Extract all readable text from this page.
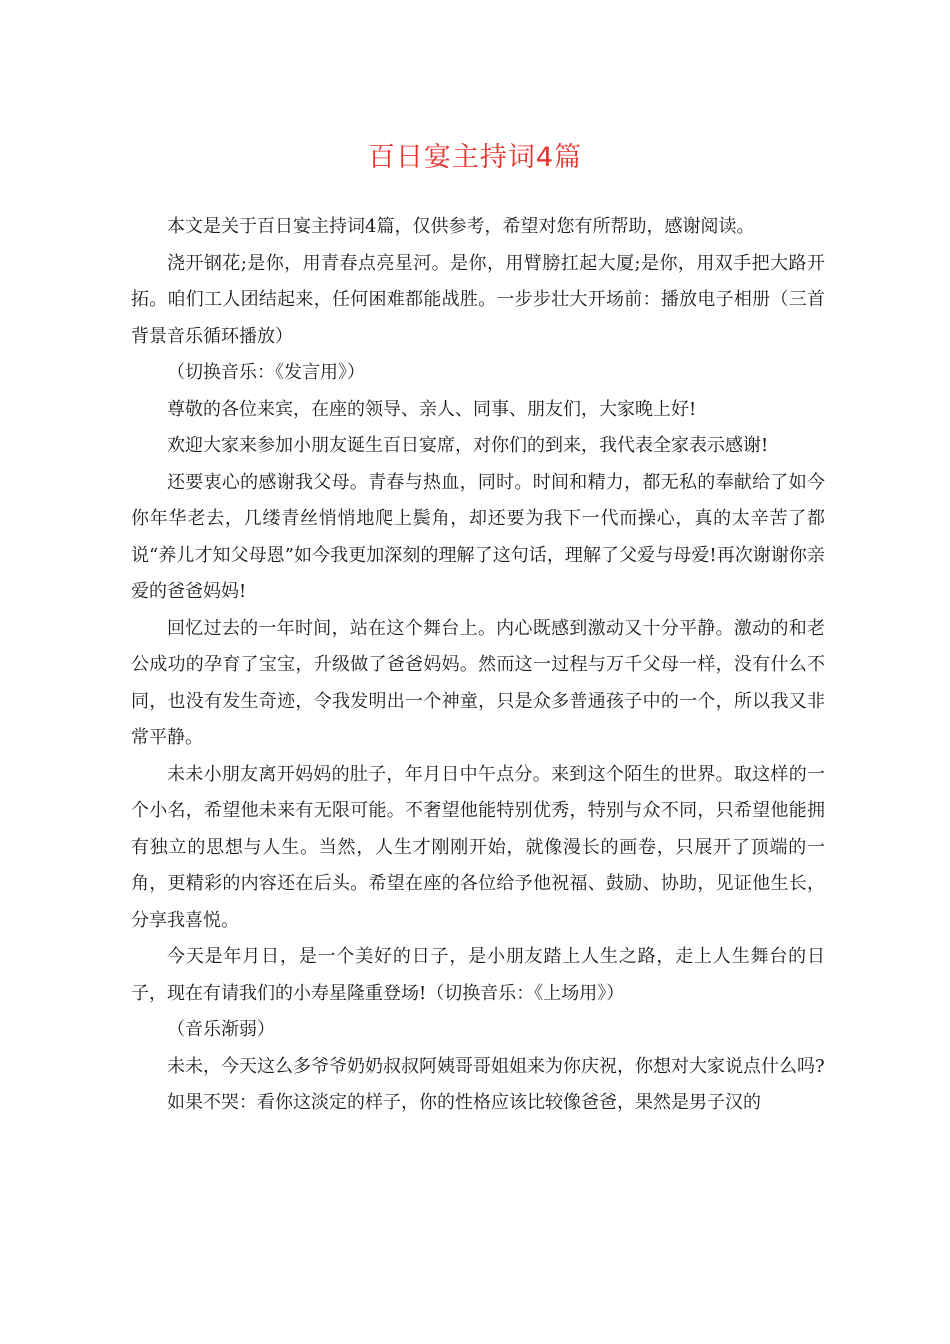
百日宴主持词4篇

本文是关于百日宴主持词4篇，仅供参考，希望对您有所帮助，感谢阅读。

浇开钢花;是你，用青春点亮星河。是你，用臂膀扛起大厦;是你，用双手把大路开拓。咱们工人团结起来，任何困难都能战胜。一步步壮大开场前：播放电子相册（三首背景音乐循环播放）

（切换音乐：《发言用》）

尊敬的各位来宾，在座的领导、亲人、同事、朋友们，大家晚上好!

欢迎大家来参加小朋友诞生百日宴席，对你们的到来，我代表全家表示感谢!

还要衷心的感谢我父母。青春与热血，同时。时间和精力，都无私的奉献给了如今你年华老去，几缕青丝悄悄地爬上鬓角，却还要为我下一代而操心，真的太辛苦了都说“养儿才知父母恩”如今我更加深刻的理解了这句话，理解了父爱与母爱!再次谢谢你亲爱的爸爸妈妈!

回忆过去的一年时间，站在这个舞台上。内心既感到激动又十分平静。激动的和老公成功的孕育了宝宝，升级做了爸爸妈妈。然而这一过程与万千父母一样，没有什么不同，也没有发生奇迹，令我发明出一个神童，只是众多普通孩子中的一个，所以我又非常平静。

未未小朋友离开妈妈的肚子，年月日中午点分。来到这个陌生的世界。取这样的一个小名，希望他未来有无限可能。不奢望他能特别优秀，特别与众不同，只希望他能拥有独立的思想与人生。当然，人生才刚刚开始，就像漫长的画卷，只展开了顶端的一角，更精彩的内容还在后头。希望在座的各位给予他祝福、鼓励、协助，见证他生长，分享我喜悦。

今天是年月日，是一个美好的日子，是小朋友踏上人生之路，走上人生舞台的日子，现在有请我们的小寿星隆重登场!（切换音乐：《上场用》）

（音乐渐弱）

未未，今天这么多爷爷奶奶叔叔阿姨哥哥姐姐来为你庆祝，你想对大家说点什么吗?

如果不哭：看你这淡定的样子，你的性格应该比较像爸爸，果然是男子汉的
